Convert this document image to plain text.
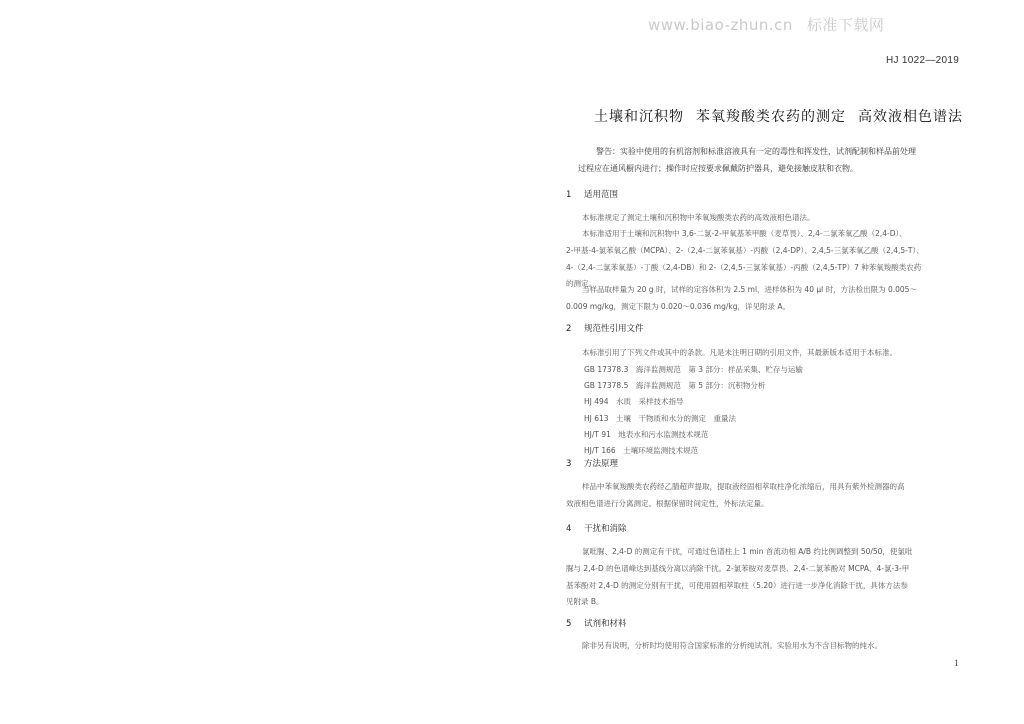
www.biao-zhun.cn 标准下载网
HJ 1022—2019
土壤和沉积物 苯氧羧酸类农药的测定 高效液相色谱法
警告：实验中使用的有机溶剂和标准溶液具有一定的毒性和挥发性，试剂配制和样品前处理
过程应在通风橱内进行；操作时应按要求佩戴防护器具，避免接触皮肤和衣物。
1 适用范围
本标准规定了测定土壤和沉积物中苯氧羧酸类农药的高效液相色谱法。
本标准适用于土壤和沉积物中 3,6-二氯-2-甲氧基苯甲酸（麦草畏）、2,4-二氯苯氧乙酸（2,4-D）、
2-甲基-4-氯苯氧乙酸（MCPA）、2-（2,4-二氯苯氧基）-丙酸（2,4-DP）、2,4,5-三氯苯氧乙酸（2,4,5-T）、
4-（2,4-二氯苯氧基）-丁酸（2,4-DB）和 2-（2,4,5-三氯苯氧基）-丙酸（2,4,5-TP）7 种苯氧羧酸类农药
的测定。
当样品取样量为 20 g 时，试样的定容体积为 2.5 ml，进样体积为 40 μl 时，方法检出限为 0.005～
0.009 mg/kg，测定下限为 0.020～0.036 mg/kg，详见附录 A。
2 规范性引用文件
本标准引用了下列文件或其中的条款。凡是未注明日期的引用文件，其最新版本适用于本标准。
GB 17378.3　海洋监测规范　第 3 部分：样品采集、贮存与运输
GB 17378.5　海洋监测规范　第 5 部分：沉积物分析
HJ 494　水质　采样技术指导
HJ 613　土壤　干物质和水分的测定　重量法
HJ/T 91　地表水和污水监测技术规范
HJ/T 166　土壤环境监测技术规范
3 方法原理
样品中苯氧羧酸类农药经乙腈超声提取，提取液经固相萃取柱净化浓缩后，用具有紫外检测器的高
效液相色谱进行分离测定。根据保留时间定性，外标法定量。
4 干扰和消除
氯吡脲、2,4-D 的测定有干扰，可通过色谱柱上 1 min 首流动相 A/B 约比例调整到 50/50，使氯吡
脲与 2,4-D 的色谱峰达到基线分离以消除干扰。2-氯苯胺对麦草畏、2,4-二氯苯酚对 MCPA、4-氯-3-甲
基苯酚对 2,4-D 的测定分别有干扰，可使用固相萃取柱（5.20）进行进一步净化消除干扰，具体方法参
见附录 B。
5 试剂和材料
除非另有说明，分析时均使用符合国家标准的分析纯试剂。实验用水为不含目标物的纯水。
1
